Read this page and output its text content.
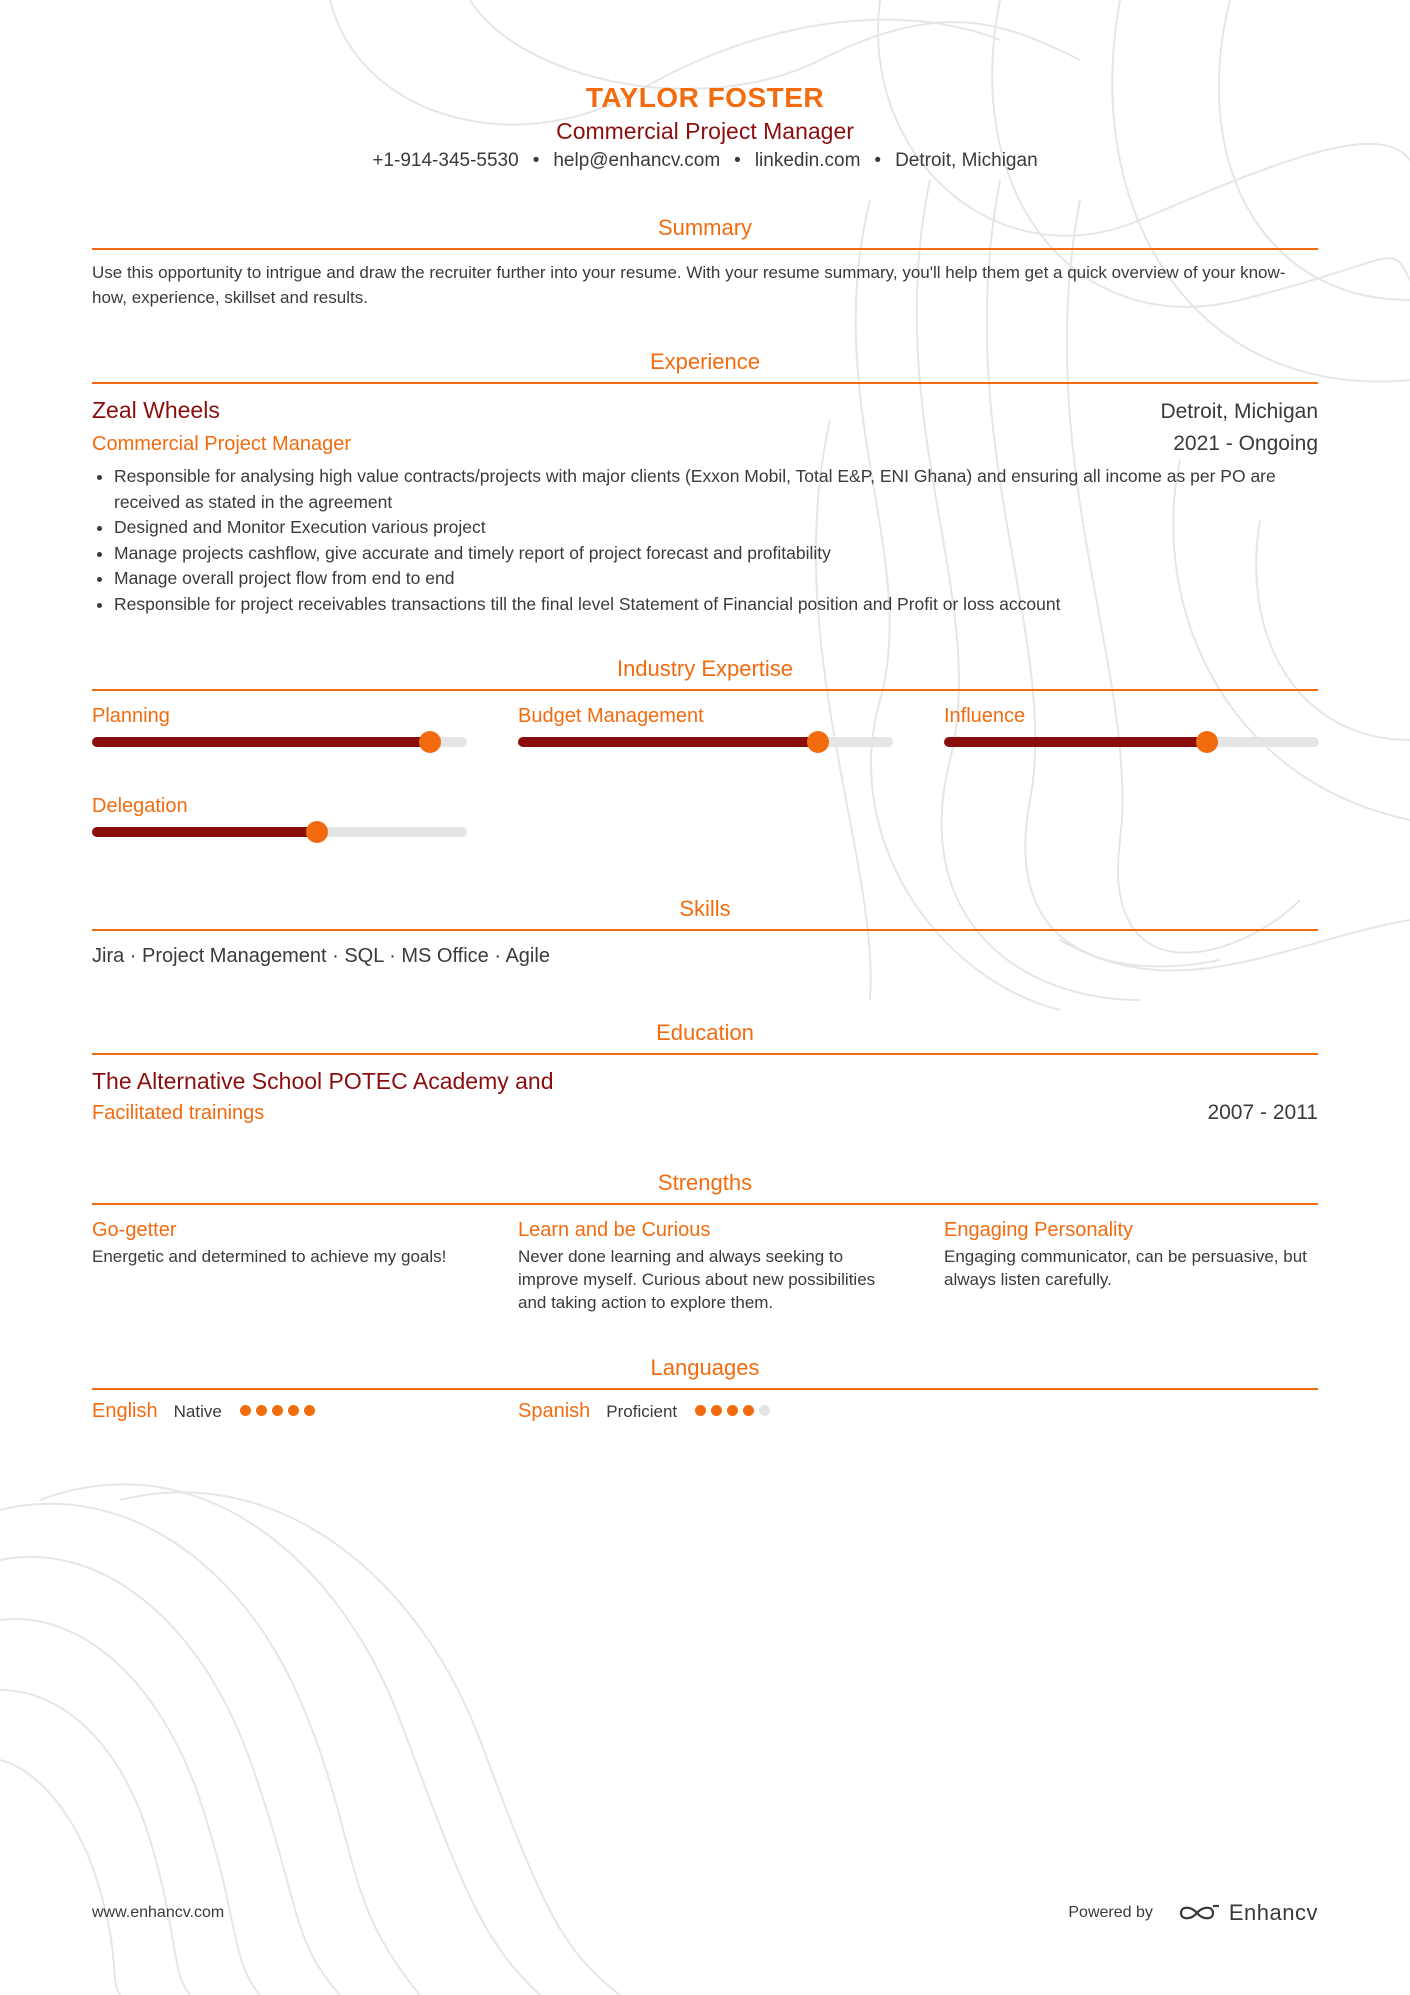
TAYLOR FOSTER
Commercial Project Manager
+1-914-345-5530 • help@enhancv.com • linkedin.com • Detroit, Michigan
Summary
Use this opportunity to intrigue and draw the recruiter further into your resume. With your resume summary, you'll help them get a quick overview of your know-how, experience, skillset and results.
Experience
Zeal Wheels	Detroit, Michigan
Commercial Project Manager	2021 - Ongoing
• Responsible for analysing high value contracts/projects with major clients (Exxon Mobil, Total E&P, ENI Ghana) and ensuring all income as per PO are received as stated in the agreement
• Designed and Monitor Execution various project
• Manage projects cashflow, give accurate and timely report of project forecast and profitability
• Manage overall project flow from end to end
• Responsible for project receivables transactions till the final level Statement of Financial position and Profit or loss account
Industry Expertise
Planning	Budget Management	Influence
Delegation
Skills
Jira · Project Management · SQL · MS Office · Agile
Education
The Alternative School POTEC Academy and
Facilitated trainings	2007 - 2011
Strengths
Go-getter
Energetic and determined to achieve my goals!
Learn and be Curious
Never done learning and always seeking to improve myself. Curious about new possibilities and taking action to explore them.
Engaging Personality
Engaging communicator, can be persuasive, but always listen carefully.
Languages
English Native	Spanish Proficient
www.enhancv.com	Powered by	Enhancv
